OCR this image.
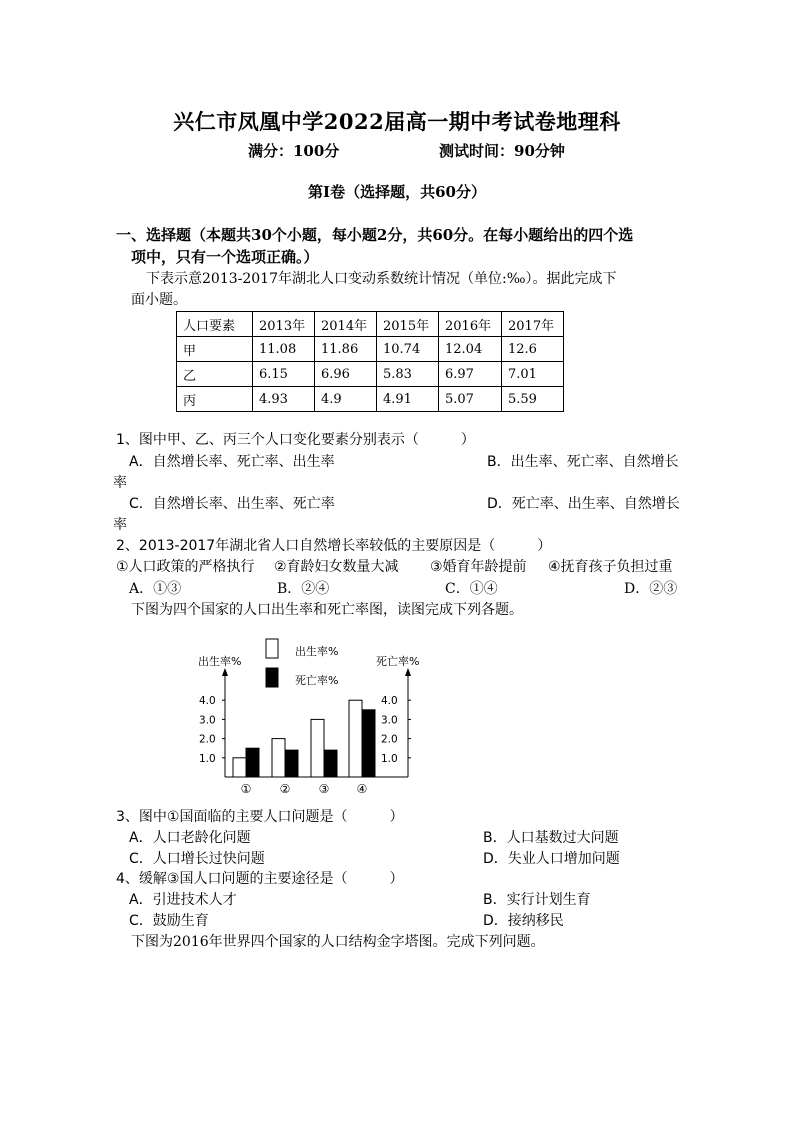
兴仁市凤凰中学2022届高一期中考试卷地理科
满分：100分	测试时间：90分钟
第Ⅰ卷（选择题，共60分）
一、选择题（本题共30个小题，每小题2分，共60分。在每小题给出的四个选
项中，只有一个选项正确。）
下表示意2013-2017年湖北人口变动系数统计情况（单位:‰）。据此完成下
面小题。
人口要素	2013年	2014年	2015年	2016年	2017年
甲	11.08	11.86	10.74	12.04	12.6
乙	6.15	6.96	5.83	6.97	7.01
丙	4.93	4.9	4.91	5.07	5.59
1、图中甲、乙、丙三个人口变化要素分别表示（　　　）
A．自然增长率、死亡率、出生率	B．出生率、死亡率、自然增长
率
C．自然增长率、出生率、死亡率	D．死亡率、出生率、自然增长
率
2、2013-2017年湖北省人口自然增长率较低的主要原因是（　　　）
①人口政策的严格执行 ②育龄妇女数量大减 ③婚育年龄提前 ④抚育孩子负担过重
A．①③	B．②④	C．①④	D．②③
下图为四个国家的人口出生率和死亡率图，读图完成下列各题。
出生率%	死亡率%
4.0	4.0
3.0	3.0
2.0	2.0
1.0	1.0
① ② ③ ④
出生率%
死亡率%
3、图中①国面临的主要人口问题是（　　　）
A．人口老龄化问题	B．人口基数过大问题
C．人口增长过快问题	D．失业人口增加问题
4、缓解③国人口问题的主要途径是（　　　）
A．引进技术人才	B．实行计划生育
C．鼓励生育	D．接纳移民
下图为2016年世界四个国家的人口结构金字塔图。完成下列问题。
